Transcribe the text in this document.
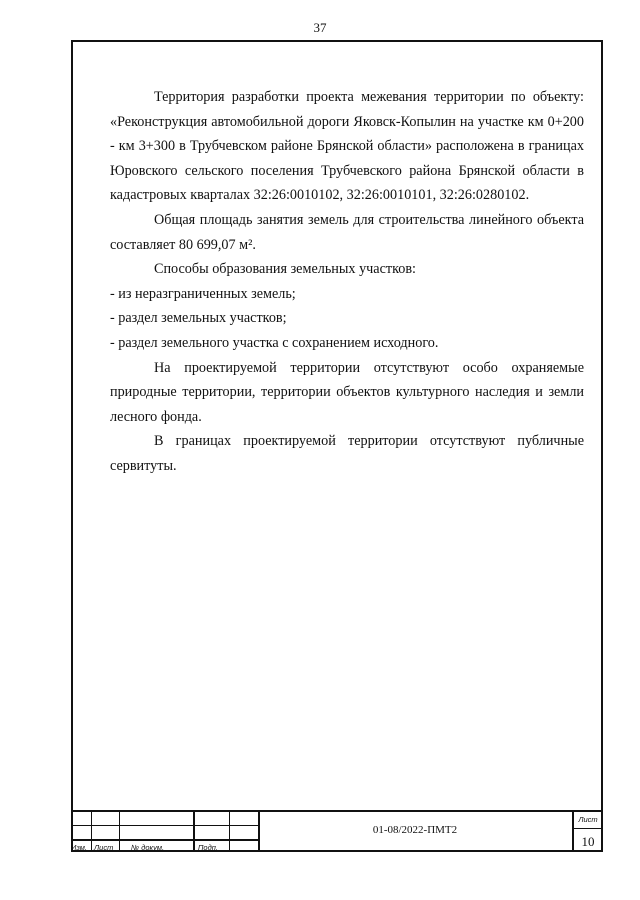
37

Территория разработки проекта межевания территории по объекту: «Реконструкция автомобильной дороги Яковск-Копылин на участке км 0+200 - км 3+300 в Трубчевском районе Брянской области» расположена в границах Юровского сельского поселения Трубчевского района Брянской области в кадастровых кварталах 32:26:0010102, 32:26:0010101, 32:26:0280102.

Общая площадь занятия земель для строительства линейного объекта составляет 80 699,07 м².

Способы образования земельных участков:

- из неразграниченных земель;

- раздел земельных участков;

- раздел земельного участка с сохранением исходного.

На проектируемой территории отсутствуют особо охраняемые природные территории, территории объектов культурного наследия и земли лесного фонда.

В границах проектируемой территории отсутствуют публичные сервитуты.

Изм. Лист № докум.	Подп.
01-08/2022-ПМТ2
Лист
10
